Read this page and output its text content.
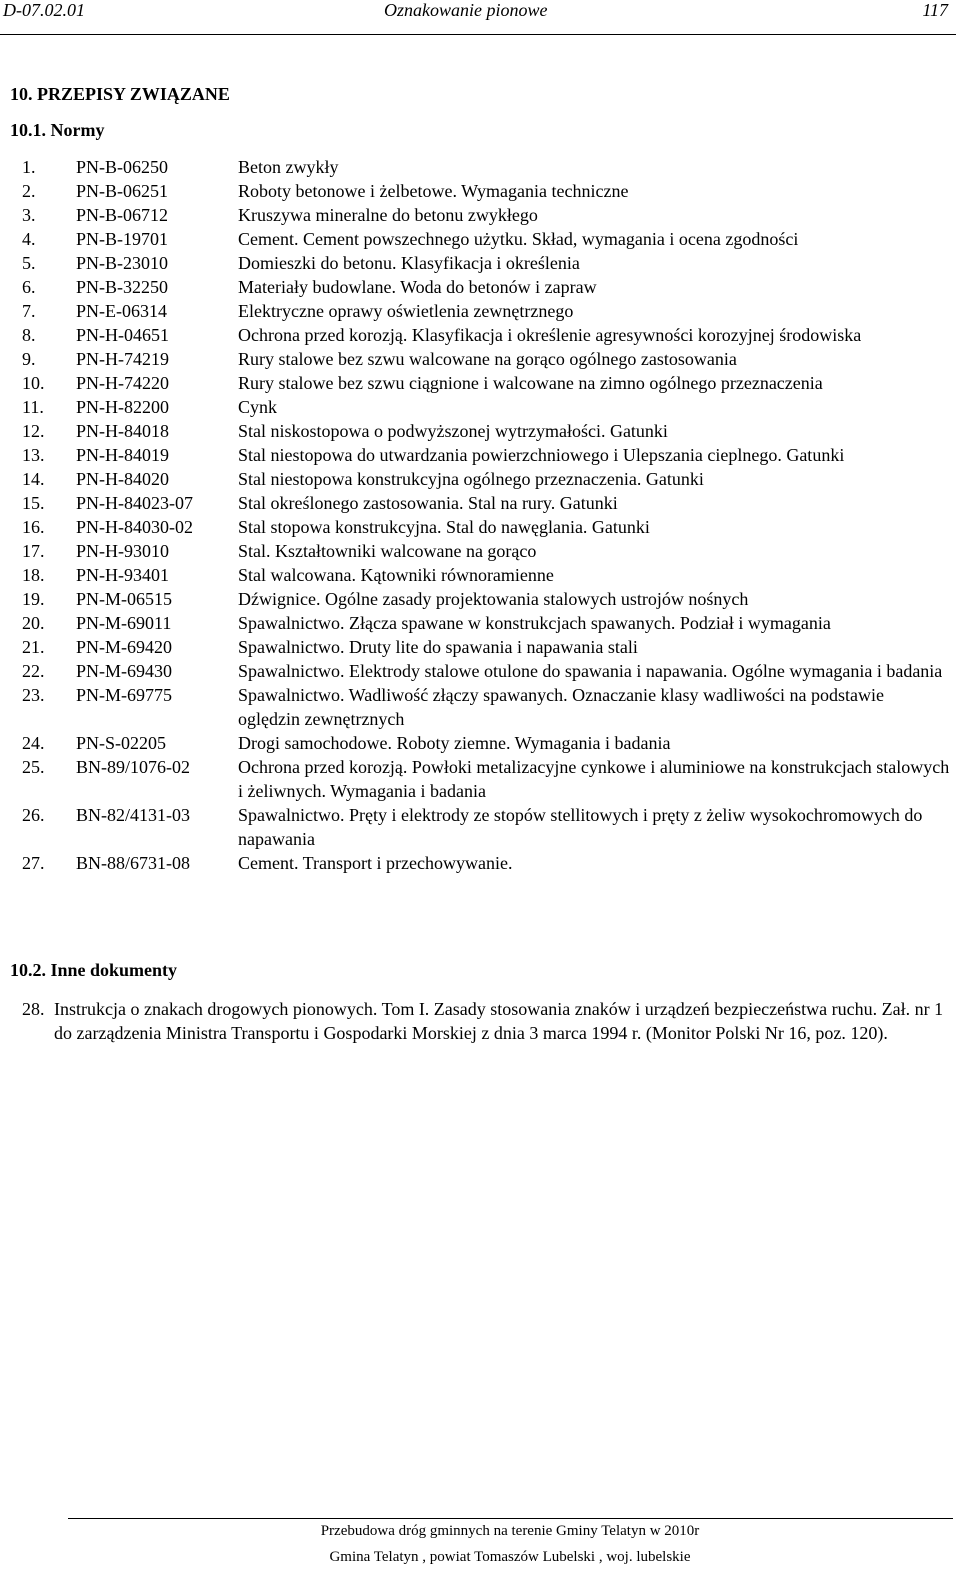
D-07.02.01	Oznakowanie pionowe	117
10. PRZEPISY ZWIĄZANE
10.1. Normy
1.	PN-B-06250	Beton zwykły
2.	PN-B-06251	Roboty betonowe i żelbetowe. Wymagania techniczne
3.	PN-B-06712	Kruszywa mineralne do betonu zwykłego
4.	PN-B-19701	Cement. Cement powszechnego użytku. Skład, wymagania i ocena zgodności
5.	PN-B-23010	Domieszki do betonu. Klasyfikacja i określenia
6.	PN-B-32250	Materiały budowlane. Woda do betonów i zapraw
7.	PN-E-06314	Elektryczne oprawy oświetlenia zewnętrznego
8.	PN-H-04651	Ochrona przed korozją. Klasyfikacja i określenie agresywności korozyjnej środowiska
9.	PN-H-74219	Rury stalowe bez szwu walcowane na gorąco ogólnego zastosowania
10.	PN-H-74220	Rury stalowe bez szwu ciągnione i walcowane na zimno ogólnego przeznaczenia
11.	PN-H-82200	Cynk
12.	PN-H-84018	Stal niskostopowa o podwyższonej wytrzymałości. Gatunki
13.	PN-H-84019	Stal niestopowa do utwardzania powierzchniowego i Ulepszania cieplnego. Gatunki
14.	PN-H-84020	Stal niestopowa konstrukcyjna ogólnego przeznaczenia. Gatunki
15.	PN-H-84023-07	Stal określonego zastosowania. Stal na rury. Gatunki
16.	PN-H-84030-02	Stal stopowa konstrukcyjna. Stal do nawęglania. Gatunki
17.	PN-H-93010	Stal. Kształtowniki walcowane na gorąco
18.	PN-H-93401	Stal walcowana. Kątowniki równoramienne
19.	PN-M-06515	Dźwignice. Ogólne zasady projektowania stalowych ustrojów nośnych
20.	PN-M-69011	Spawalnictwo. Złącza spawane w konstrukcjach spawanych. Podział i wymagania
21.	PN-M-69420	Spawalnictwo. Druty lite do spawania i napawania stali
22.	PN-M-69430	Spawalnictwo. Elektrody stalowe otulone do spawania i napawania. Ogólne wymagania i badania
23.	PN-M-69775	Spawalnictwo. Wadliwość złączy spawanych. Oznaczanie klasy wadliwości na podstawie oględzin zewnętrznych
24.	PN-S-02205	Drogi samochodowe. Roboty ziemne. Wymagania i badania
25.	BN-89/1076-02	Ochrona przed korozją. Powłoki metalizacyjne cynkowe i aluminiowe na konstrukcjach stalowych i żeliwnych. Wymagania i badania
26.	BN-82/4131-03	Spawalnictwo. Pręty i elektrody ze stopów stellitowych i pręty z żeliw wysokochromowych do napawania
27.	BN-88/6731-08	Cement. Transport i przechowywanie.
10.2. Inne dokumenty
28. Instrukcja o znakach drogowych pionowych. Tom I. Zasady stosowania znaków i urządzeń bezpieczeństwa ruchu. Zał. nr 1 do zarządzenia Ministra Transportu i Gospodarki Morskiej z dnia 3 marca 1994 r. (Monitor Polski Nr 16, poz. 120).
Przebudowa dróg gminnych na terenie Gminy Telatyn w 2010r
Gmina Telatyn , powiat Tomaszów Lubelski , woj. lubelskie
